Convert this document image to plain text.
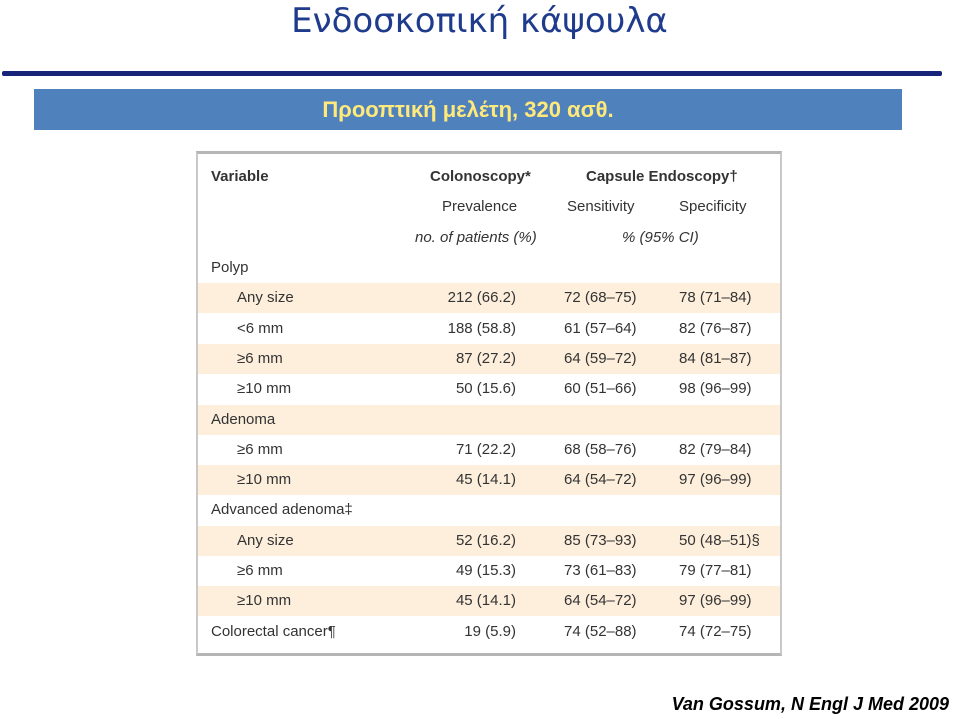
Ενδοσκοπική κάψουλα
Προοπτική μελέτη, 320 ασθ.
Variable	Colonoscopy*	Capsule Endoscopy†
Prevalence	Sensitivity	Specificity
no. of patients (%)	% (95% CI)
Polyp
Any size	212 (66.2)	72 (68–75)	78 (71–84)
<6 mm	188 (58.8)	61 (57–64)	82 (76–87)
≥6 mm	87 (27.2)	64 (59–72)	84 (81–87)
≥10 mm	50 (15.6)	60 (51–66)	98 (96–99)
Adenoma
≥6 mm	71 (22.2)	68 (58–76)	82 (79–84)
≥10 mm	45 (14.1)	64 (54–72)	97 (96–99)
Advanced adenoma‡
Any size	52 (16.2)	85 (73–93)	50 (48–51)§
≥6 mm	49 (15.3)	73 (61–83)	79 (77–81)
≥10 mm	45 (14.1)	64 (54–72)	97 (96–99)
Colorectal cancer¶	19 (5.9)	74 (52–88)	74 (72–75)
Van Gossum, N Engl J Med 2009
